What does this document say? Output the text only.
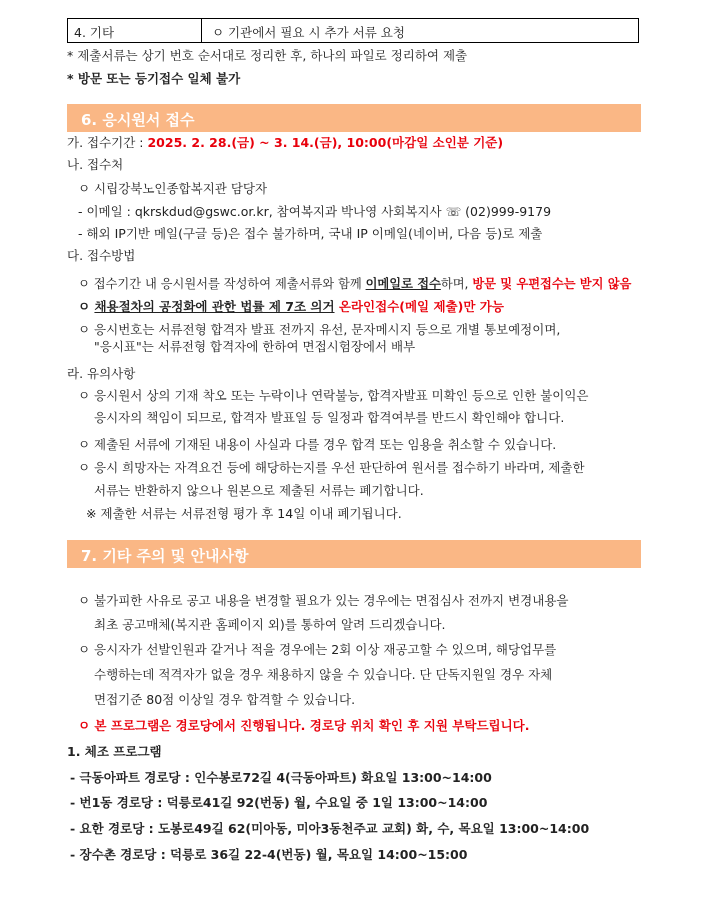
4. 기타	ㅇ 기관에서 필요 시 추가 서류 요청
* 제출서류는 상기 번호 순서대로 정리한 후, 하나의 파일로 정리하여 제출
* 방문 또는 등기접수 일체 불가
6. 응시원서 접수
가. 접수기간 : 2025. 2. 28.(금) ~ 3. 14.(금), 10:00(마감일 소인분 기준)
나. 접수처
ㅇ 시립강북노인종합복지관 담당자
- 이메일 : qkrskdud@gswc.or.kr, 참여복지과 박나영 사회복지사 ☏ (02)999-9179
- 해외 IP기반 메일(구글 등)은 접수 불가하며, 국내 IP 이메일(네이버, 다음 등)로 제출
다. 접수방법
ㅇ 접수기간 내 응시원서를 작성하여 제출서류와 함께 이메일로 접수하며, 방문 및 우편접수는 받지 않음
ㅇ 채용절차의 공정화에 관한 법률 제 7조 의거 온라인접수(메일 제출)만 가능
ㅇ 응시번호는 서류전형 합격자 발표 전까지 유선, 문자메시지 등으로 개별 통보예정이며,
"응시표"는 서류전형 합격자에 한하여 면접시험장에서 배부
라. 유의사항
ㅇ 응시원서 상의 기재 착오 또는 누락이나 연락불능, 합격자발표 미확인 등으로 인한 불이익은
응시자의 책임이 되므로, 합격자 발표일 등 일정과 합격여부를 반드시 확인해야 합니다.
ㅇ 제출된 서류에 기재된 내용이 사실과 다를 경우 합격 또는 임용을 취소할 수 있습니다.
ㅇ 응시 희망자는 자격요건 등에 해당하는지를 우선 판단하여 원서를 접수하기 바라며, 제출한
서류는 반환하지 않으나 원본으로 제출된 서류는 폐기합니다.
※ 제출한 서류는 서류전형 평가 후 14일 이내 폐기됩니다.
7. 기타 주의 및 안내사항
ㅇ 불가피한 사유로 공고 내용을 변경할 필요가 있는 경우에는 면접심사 전까지 변경내용을
최초 공고매체(복지관 홈페이지 외)를 통하여 알려 드리겠습니다.
ㅇ 응시자가 선발인원과 같거나 적을 경우에는 2회 이상 재공고할 수 있으며, 해당업무를
수행하는데 적격자가 없을 경우 채용하지 않을 수 있습니다. 단 단독지원일 경우 자체
면접기준 80점 이상일 경우 합격할 수 있습니다.
ㅇ 본 프로그램은 경로당에서 진행됩니다. 경로당 위치 확인 후 지원 부탁드립니다.
1. 체조 프로그램
- 극동아파트 경로당 : 인수봉로72길 4(극동아파트) 화요일 13:00~14:00
- 번1동 경로당 : 덕릉로41길 92(번동) 월, 수요일 중 1일 13:00~14:00
- 요한 경로당 : 도봉로49길 62(미아동, 미아3동천주교 교회) 화, 수, 목요일 13:00~14:00
- 장수촌 경로당 : 덕릉로 36길 22-4(번동) 월, 목요일 14:00~15:00
